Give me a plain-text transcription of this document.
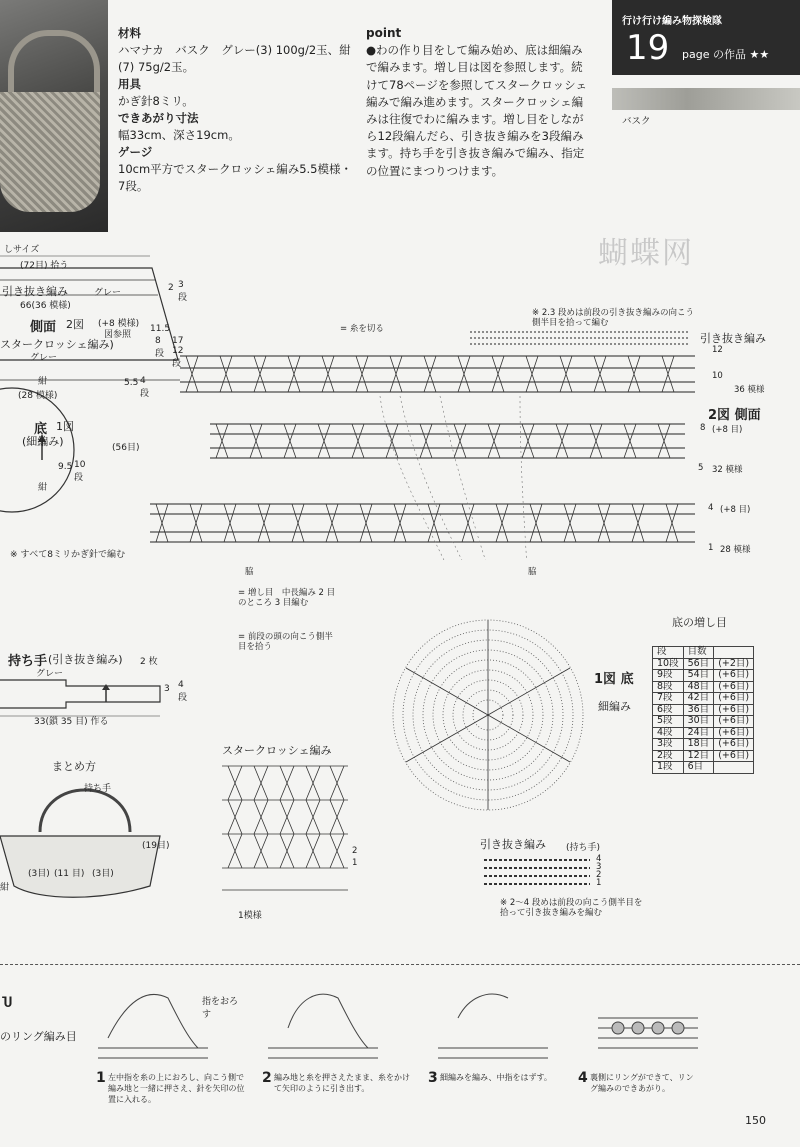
材料
ハマナカ　バスク　グレー(3) 100g/2玉、紺(7) 75g/2玉。
用具
かぎ針8ミリ。
できあがり寸法
幅33cm、深さ19cm。
ゲージ
10cm平方でスタークロッシェ編み5.5模様・7段。
point
●わの作り目をして編み始め、底は細編みで編みます。増し目は図を参照します。続けて78ページを参照してスタークロッシェ編みで編み進めます。スタークロッシェ編みは往復でわに編みます。増し目をしながら12段編んだら、引き抜き編みを3段編みます。持ち手を引き抜き編みで編み、指定の位置にまつりつけます。
行け行け編み物探検隊
19 page の作品 ★★
バスク
蝴蝶网
しサイズ
(72目) 拾う
引き抜き編み	グレー
66(36 模様)
側面 2図 (+8 模様)
図参照
スタークロッシェ編み)
グレー
紺
(28 模様)
2 3
段
11.5
8
段
17
12
段
5.5 4
段
底 1図
(細編み)	(56目)
9.5 10
段
紺
※ すべて8ミリかぎ針で編む
= 糸を切る
※ 2.3 段めは前段の引き抜き編みの向こう側半目を拾って編む
引き抜き編み
12
10
36 模様
2図 側面
8 (+8 目)
5 32 模様
4 (+8 目)
1 28 模様
脇	脇
= 増し目　中長編み 2 目のところ 3 目編む
= 前段の頭の向こう側半目を拾う
1図 底
細編み
底の増し目
段	目数	
10段	56目	(+2目)
9段	54目	(+6目)
8段	48目	(+6目)
7段	42目	(+6目)
6段	36目	(+6目)
5段	30目	(+6目)
4段	24目	(+6目)
3段	18目	(+6目)
2段	12目	(+6目)
1段	6目	
持ち手 (引き抜き編み) 2 枚
グレー
3 4
段
33(鎖 35 目) 作る
まとめ方
持ち手
(19目)
(3目) (11 目) (3目)
紺
スタークロッシェ編み
2
1
1模様
引き抜き編み (持ち手)
4
3
2
1
※ 2〜4 段めは前段の向こう側半目を拾って引き抜き編みを編む
Ⴎ
のリング編み目
指をおろす
1 左中指を糸の上におろし、向こう側で編み地と一緒に押さえ、針を矢印の位置に入れる。
2 編み地と糸を押さえたまま、糸をかけて矢印のように引き出す。
3 細編みを編み、中指をはずす。	4 裏側にリングができて、リング編みのできあがり。
150
